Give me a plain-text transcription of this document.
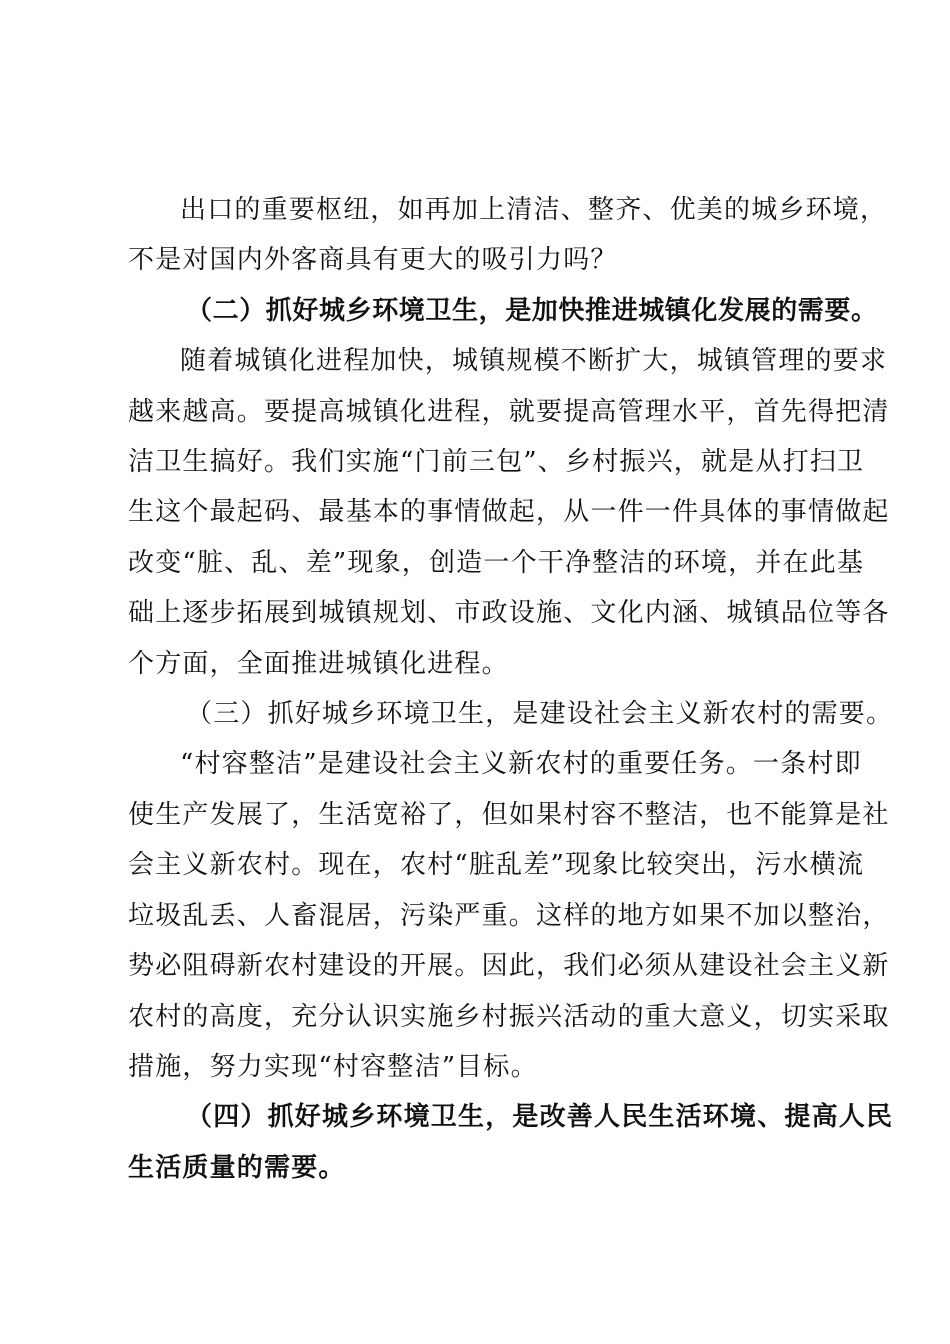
出口的重要枢纽，如再加上清洁、整齐、优美的城乡环境，
不是对国内外客商具有更大的吸引力吗？
（二）抓好城乡环境卫生，是加快推进城镇化发展的需要。
随着城镇化进程加快，城镇规模不断扩大，城镇管理的要求
越来越高。要提高城镇化进程，就要提高管理水平，首先得把清
洁卫生搞好。我们实施“门前三包”、乡村振兴，就是从打扫卫
生这个最起码、最基本的事情做起，从一件一件具体的事情做起
改变“脏、乱、差”现象，创造一个干净整洁的环境，并在此基
础上逐步拓展到城镇规划、市政设施、文化内涵、城镇品位等各
个方面，全面推进城镇化进程。
（三）抓好城乡环境卫生，是建设社会主义新农村的需要。
“村容整洁”是建设社会主义新农村的重要任务。一条村即
使生产发展了，生活宽裕了，但如果村容不整洁，也不能算是社
会主义新农村。现在，农村“脏乱差”现象比较突出，污水横流
垃圾乱丢、人畜混居，污染严重。这样的地方如果不加以整治，
势必阻碍新农村建设的开展。因此，我们必须从建设社会主义新
农村的高度，充分认识实施乡村振兴活动的重大意义，切实采取
措施，努力实现“村容整洁”目标。
（四）抓好城乡环境卫生，是改善人民生活环境、提高人民
生活质量的需要。
